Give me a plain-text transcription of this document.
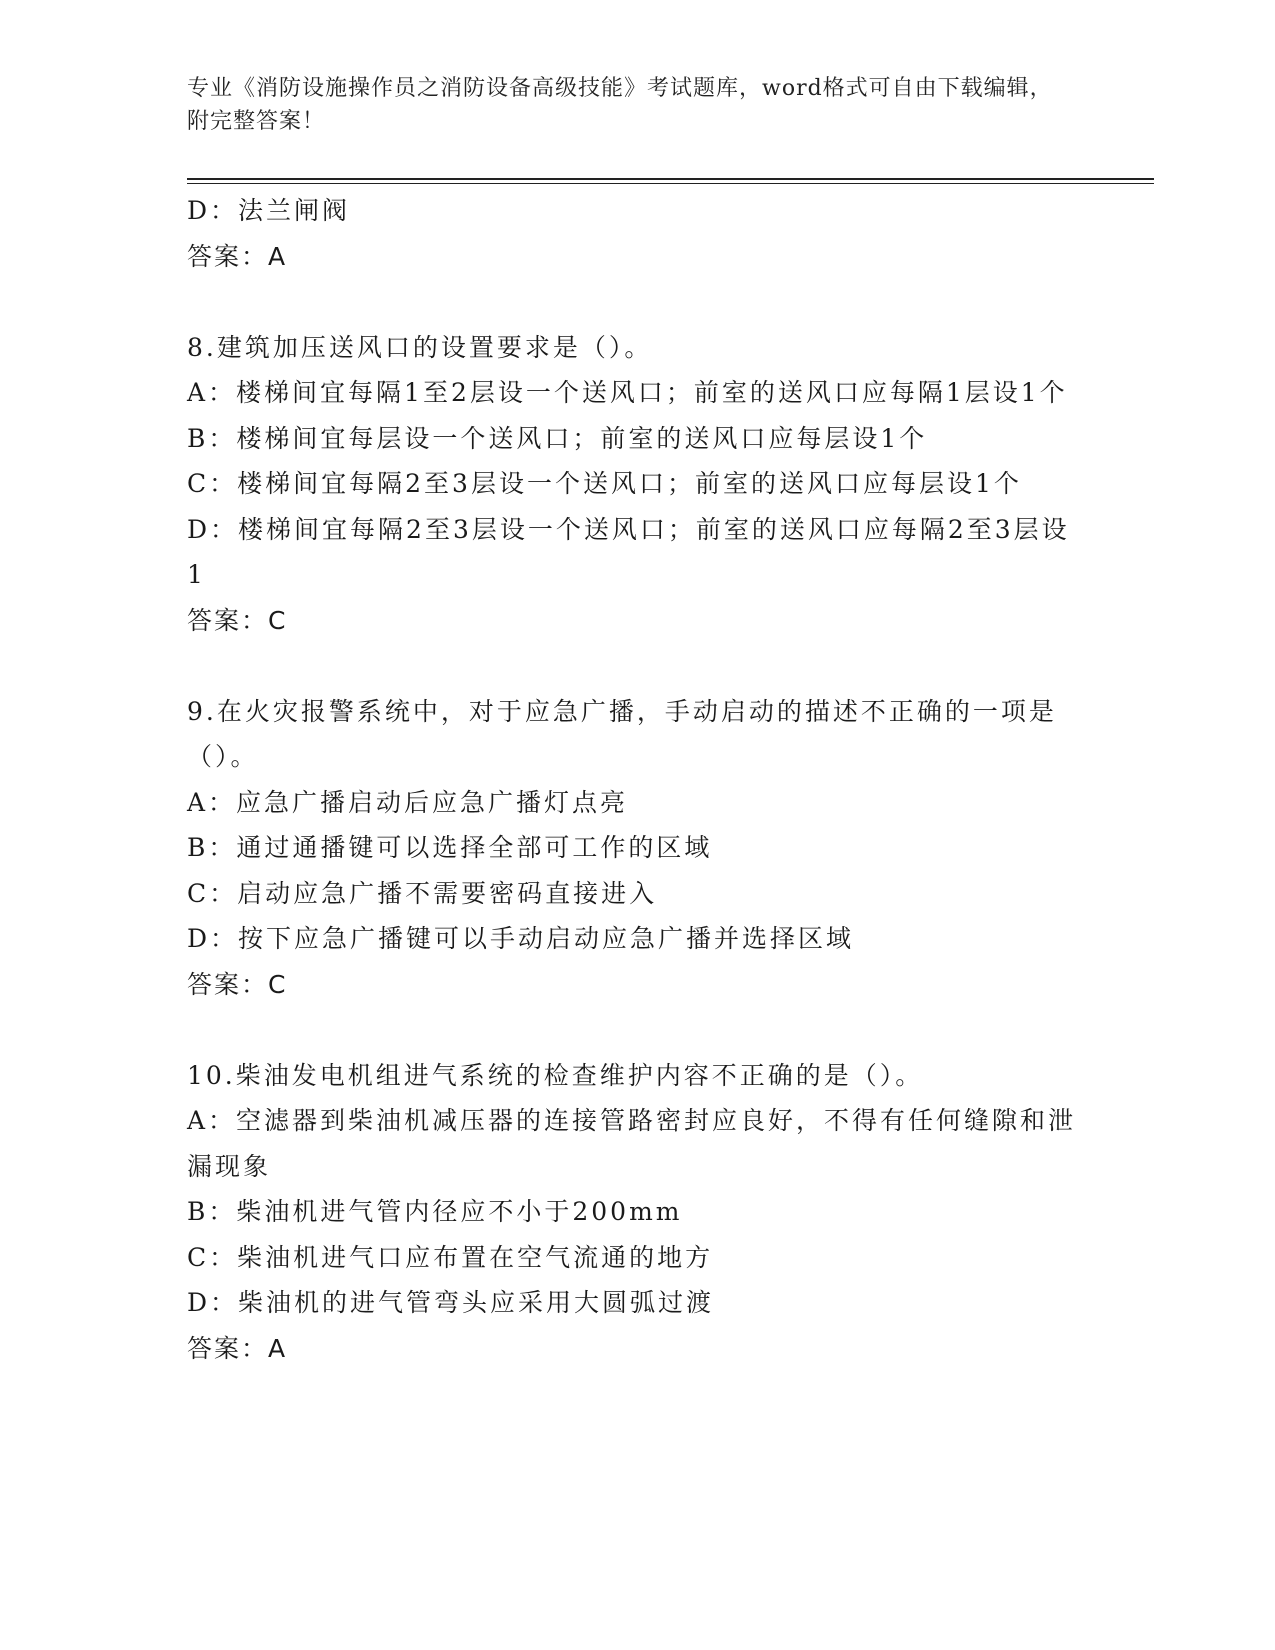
专业《消防设施操作员之消防设备高级技能》考试题库，word格式可自由下载编辑，附完整答案！
D：法兰闸阀
答案：A
8.建筑加压送风口的设置要求是（）。
A：楼梯间宜每隔1至2层设一个送风口；前室的送风口应每隔1层设1个
B：楼梯间宜每层设一个送风口；前室的送风口应每层设1个
C：楼梯间宜每隔2至3层设一个送风口；前室的送风口应每层设1个
D：楼梯间宜每隔2至3层设一个送风口；前室的送风口应每隔2至3层设1
答案：C
9.在火灾报警系统中，对于应急广播，手动启动的描述不正确的一项是（）。
A：应急广播启动后应急广播灯点亮
B：通过通播键可以选择全部可工作的区域
C：启动应急广播不需要密码直接进入
D：按下应急广播键可以手动启动应急广播并选择区域
答案：C
10.柴油发电机组进气系统的检查维护内容不正确的是（）。
A：空滤器到柴油机减压器的连接管路密封应良好，不得有任何缝隙和泄漏现象
B：柴油机进气管内径应不小于200mm
C：柴油机进气口应布置在空气流通的地方
D：柴油机的进气管弯头应采用大圆弧过渡
答案：A
